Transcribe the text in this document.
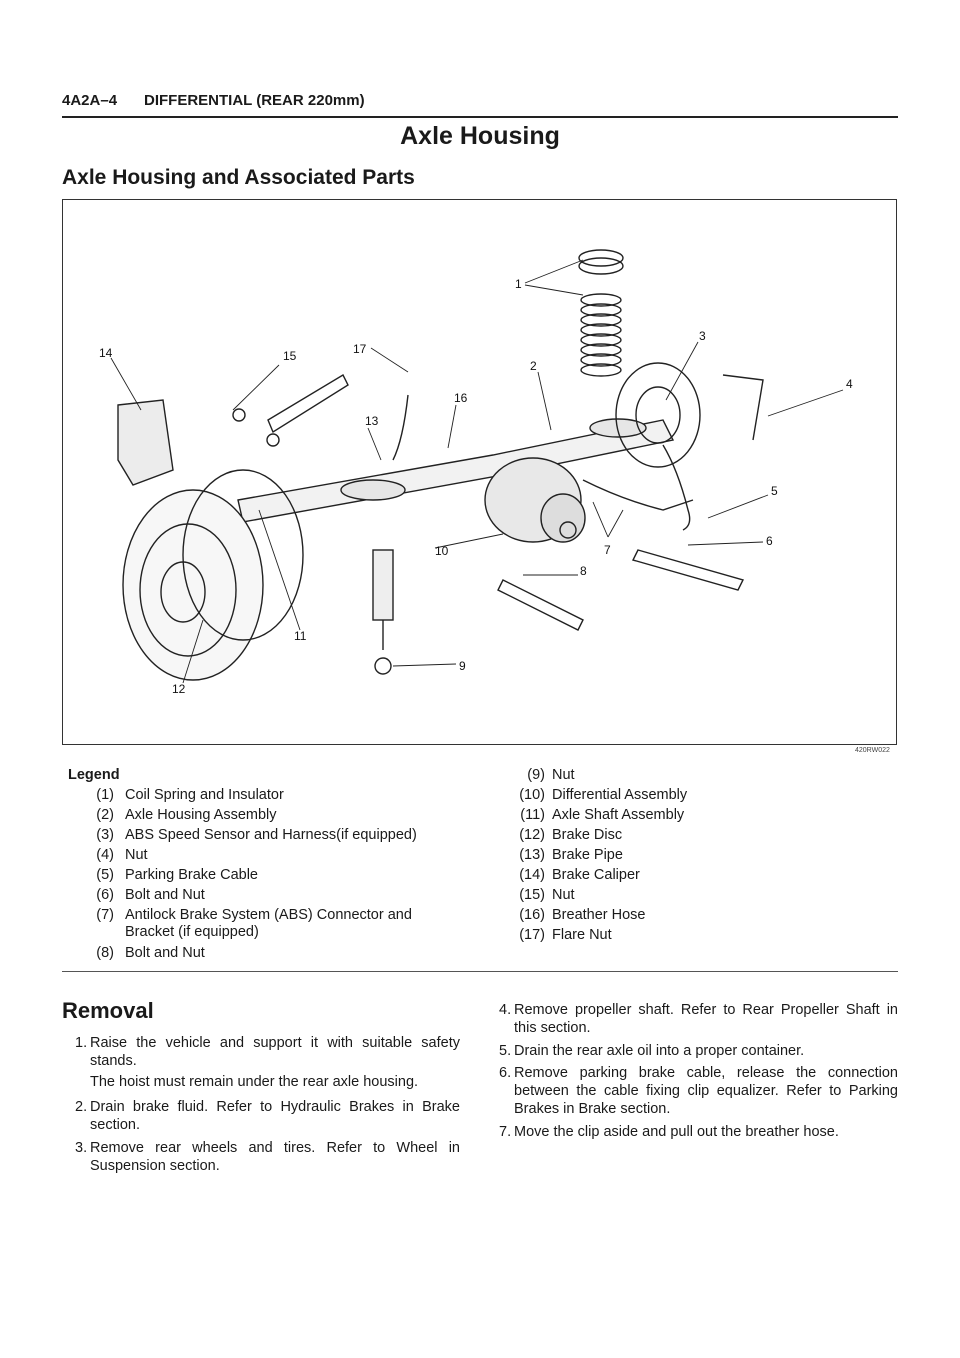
4A2A–4 DIFFERENTIAL (REAR 220mm)
Axle Housing
Axle Housing and Associated Parts
1
2
3
4
5
6
7
8
9
10
11
12
13
14	15
16
17
420RW022
Legend
(1) Coil Spring and Insulator
(2) Axle Housing Assembly
(3) ABS Speed Sensor and Harness(if equipped)
(4) Nut
(5) Parking Brake Cable
(6) Bolt and Nut
(7) Antilock Brake System (ABS) Connector and
Bracket (if equipped)
(8) Bolt and Nut
(9) Nut
(10) Differential Assembly
(11) Axle Shaft Assembly
(12) Brake Disc
(13) Brake Pipe
(14) Brake Caliper
(15) Nut
(16) Breather Hose
(17) Flare Nut
Removal
1. Raise the vehicle and support it with suitable safety stands.
The hoist must remain under the rear axle housing.
2. Drain brake fluid. Refer to Hydraulic Brakes in Brake section.
3. Remove rear wheels and tires. Refer to Wheel in Suspension section.
4. Remove propeller shaft. Refer to Rear Propeller Shaft in this section.
5. Drain the rear axle oil into a proper container.
6. Remove parking brake cable, release the connection between the cable fixing clip equalizer. Refer to Parking Brakes in Brake section.
7. Move the clip aside and pull out the breather hose.
